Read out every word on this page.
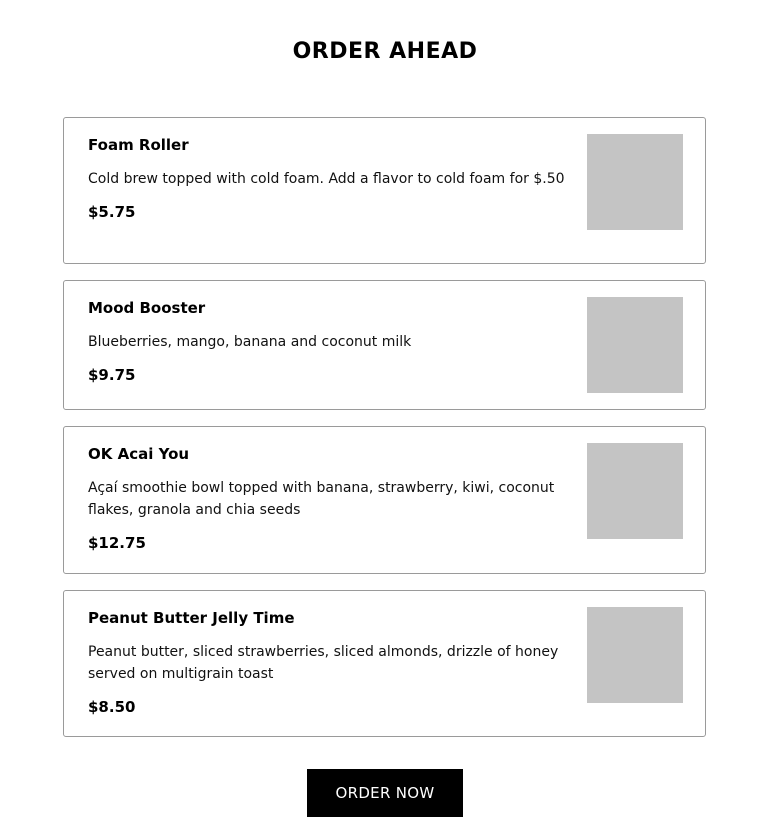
ORDER AHEAD

Foam Roller

Cold brew topped with cold foam. Add a flavor to cold foam for $.50

$5.75

Mood Booster

Blueberries, mango, banana and coconut milk

$9.75

OK Acai You

Açaí smoothie bowl topped with banana, strawberry, kiwi, coconut flakes, granola and chia seeds

$12.75

Peanut Butter Jelly Time

Peanut butter, sliced strawberries, sliced almonds, drizzle of honey served on multigrain toast

$8.50

ORDER NOW
